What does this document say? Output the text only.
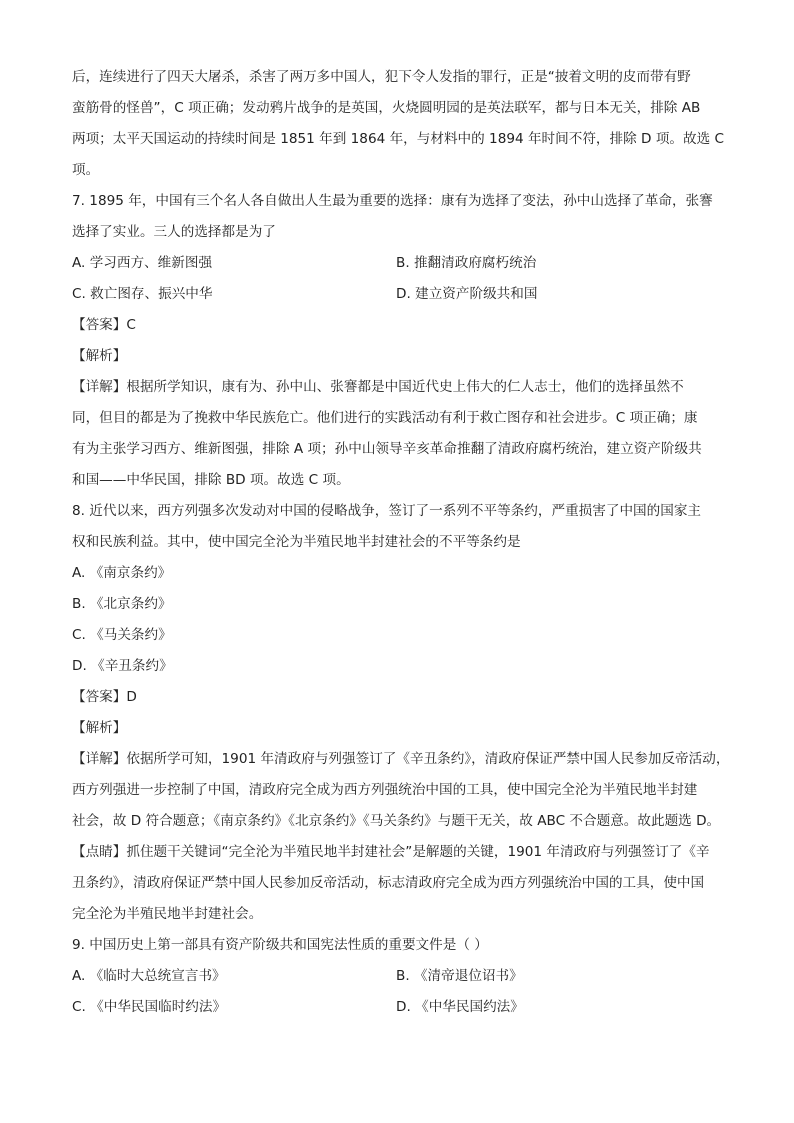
后，连续进行了四天大屠杀，杀害了两万多中国人，犯下令人发指的罪行，正是“披着文明的皮而带有野
蛮筋骨的怪兽”，C 项正确；发动鸦片战争的是英国，火烧圆明园的是英法联军，都与日本无关，排除 AB
两项；太平天国运动的持续时间是 1851 年到 1864 年，与材料中的 1894 年时间不符，排除 D 项。故选 C
项。
7. 1895 年，中国有三个名人各自做出人生最为重要的选择：康有为选择了变法，孙中山选择了革命，张謇
选择了实业。三人的选择都是为了
A. 学习西方、维新图强	B. 推翻清政府腐朽统治
C. 救亡图存、振兴中华	D. 建立资产阶级共和国
【答案】C
【解析】
【详解】根据所学知识，康有为、孙中山、张謇都是中国近代史上伟大的仁人志士，他们的选择虽然不
同，但目的都是为了挽救中华民族危亡。他们进行的实践活动有利于救亡图存和社会进步。C 项正确；康
有为主张学习西方、维新图强，排除 A 项；孙中山领导辛亥革命推翻了清政府腐朽统治，建立资产阶级共
和国——中华民国，排除 BD 项。故选 C 项。
8. 近代以来，西方列强多次发动对中国的侵略战争，签订了一系列不平等条约，严重损害了中国的国家主
权和民族利益。其中，使中国完全沦为半殖民地半封建社会的不平等条约是
A. 《南京条约》
B. 《北京条约》
C. 《马关条约》
D. 《辛丑条约》
【答案】D
【解析】
【详解】依据所学可知，1901 年清政府与列强签订了《辛丑条约》，清政府保证严禁中国人民参加反帝活动，
西方列强进一步控制了中国，清政府完全成为西方列强统治中国的工具，使中国完全沦为半殖民地半封建
社会，故 D 符合题意；《南京条约》《北京条约》《马关条约》与题干无关，故 ABC 不合题意。故此题选 D。
【点睛】抓住题干关键词“完全沦为半殖民地半封建社会”是解题的关键，1901 年清政府与列强签订了《辛
丑条约》，清政府保证严禁中国人民参加反帝活动，标志清政府完全成为西方列强统治中国的工具，使中国
完全沦为半殖民地半封建社会。
9. 中国历史上第一部具有资产阶级共和国宪法性质的重要文件是（ ）
A. 《临时大总统宣言书》	B. 《清帝退位诏书》
C. 《中华民国临时约法》	D. 《中华民国约法》
